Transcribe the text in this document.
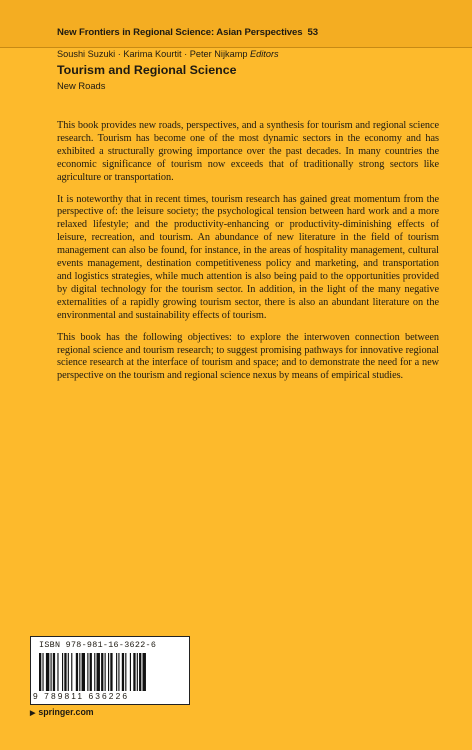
New Frontiers in Regional Science: Asian Perspectives 53
Soushi Suzuki · Karima Kourtit · Peter Nijkamp Editors
Tourism and Regional Science
New Roads

This book provides new roads, perspectives, and a synthesis for tourism and regional science research. Tourism has become one of the most dynamic sectors in the economy and has exhibited a structurally growing importance over the past decades. In many countries the economic significance of tourism now exceeds that of traditionally strong sectors like agriculture or transportation.

It is noteworthy that in recent times, tourism research has gained great momentum from the perspective of: the leisure society; the psychological tension between hard work and a more relaxed lifestyle; and the productivity-enhancing or productivity-diminishing effects of leisure, recreation, and tourism. An abundance of new literature in the field of tourism management can also be found, for instance, in the areas of hospitality management, cultural events management, destination competitiveness policy and marketing, and transportation and logistics strategies, while much attention is also being paid to the opportunities provided by digital technology for the tourism sector. In addition, in the light of the many negative externalities of a rapidly growing tourism sector, there is also an abundant literature on the environmental and sustainability effects of tourism.

This book has the following objectives: to explore the interwoven connection between regional science and tourism research; to suggest promising pathways for innovative regional science research at the interface of tourism and space; and to demonstrate the need for a new perspective on the tourism and regional science nexus by means of empirical studies.

ISBN 978-981-16-3622-6
9 789811 636226
▶ springer.com
